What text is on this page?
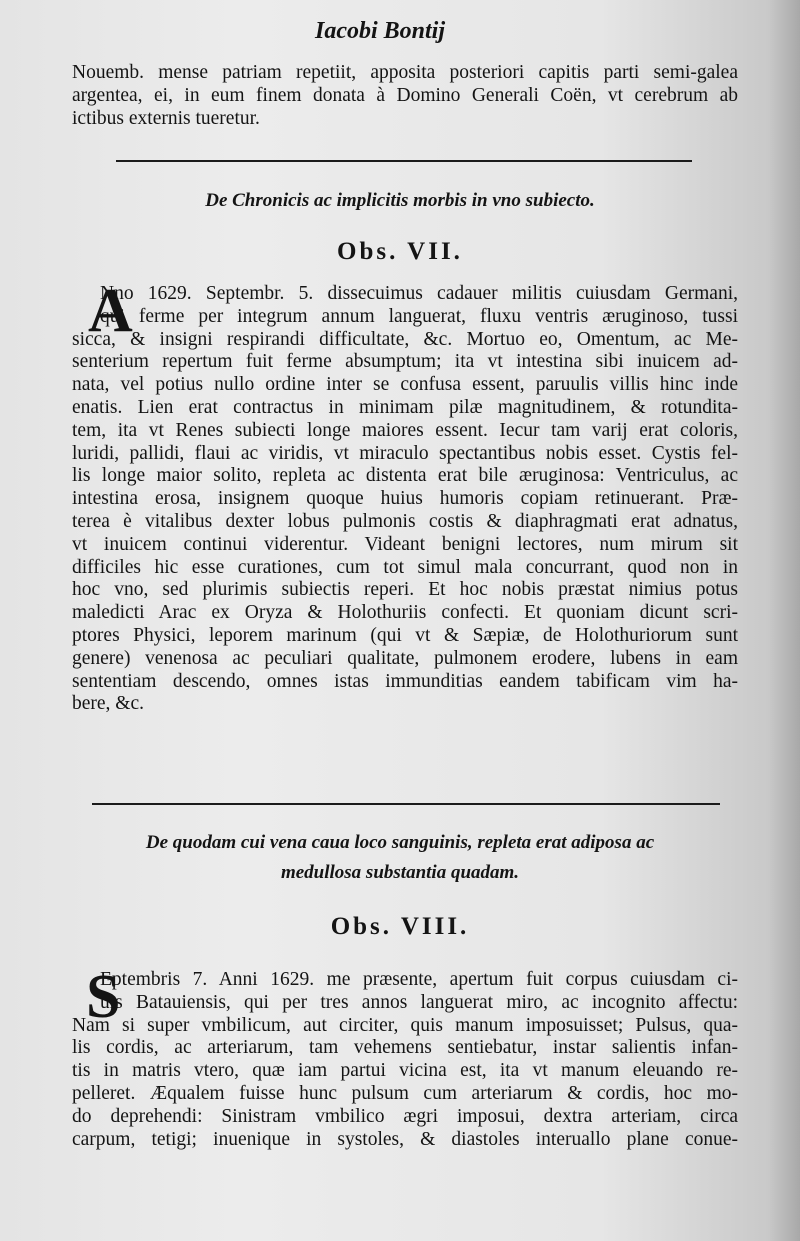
Iacobi Bontij
Nouemb. mense patriam repetiit, apposita posteriori capitis parti semi-galea
argentea, ei, in eum finem donata à Domino Generali Coën, vt cerebrum ab
ictibus externis tueretur.
De Chronicis ac implicitis morbis in vno subiecto.
Obs. VII.
A
Nno 1629. Septembr. 5. dissecuimus cadauer militis cuiusdam Germani,
qui ferme per integrum annum languerat, fluxu ventris æruginoso, tussi
sicca, & insigni respirandi difficultate, &c. Mortuo eo, Omentum, ac Me-
senterium repertum fuit ferme absumptum; ita vt intestina sibi inuicem ad-
nata, vel potius nullo ordine inter se confusa essent, paruulis villis hinc inde
enatis. Lien erat contractus in minimam pilæ magnitudinem, & rotundita-
tem, ita vt Renes subiecti longe maiores essent. Iecur tam varij erat coloris,
luridi, pallidi, flaui ac viridis, vt miraculo spectantibus nobis esset. Cystis fel-
lis longe maior solito, repleta ac distenta erat bile æruginosa: Ventriculus, ac
intestina erosa, insignem quoque huius humoris copiam retinuerant. Præ-
terea è vitalibus dexter lobus pulmonis costis & diaphragmati erat adnatus,
vt inuicem continui viderentur. Videant benigni lectores, num mirum sit
difficiles hic esse curationes, cum tot simul mala concurrant, quod non in
hoc vno, sed plurimis subiectis reperi. Et hoc nobis præstat nimius potus
maledicti Arac ex Oryza & Holothuriis confecti. Et quoniam dicunt scri-
ptores Physici, leporem marinum (qui vt & Sæpiæ, de Holothuriorum sunt
genere) venenosa ac peculiari qualitate, pulmonem erodere, lubens in eam
sententiam descendo, omnes istas immunditias eandem tabificam vim ha-
bere, &c.
De quodam cui vena caua loco sanguinis, repleta erat adiposa ac
medullosa substantia quadam.
Obs. VIII.
S
Eptembris 7. Anni 1629. me præsente, apertum fuit corpus cuiusdam ci-
uis Batauiensis, qui per tres annos languerat miro, ac incognito affectu:
Nam si super vmbilicum, aut circiter, quis manum imposuisset; Pulsus, qua-
lis cordis, ac arteriarum, tam vehemens sentiebatur, instar salientis infan-
tis in matris vtero, quæ iam partui vicina est, ita vt manum eleuando re-
pelleret. Æqualem fuisse hunc pulsum cum arteriarum & cordis, hoc mo-
do deprehendi: Sinistram vmbilico ægri imposui, dextra arteriam, circa
carpum, tetigi; inuenique in systoles, & diastoles interuallo plane conue-
